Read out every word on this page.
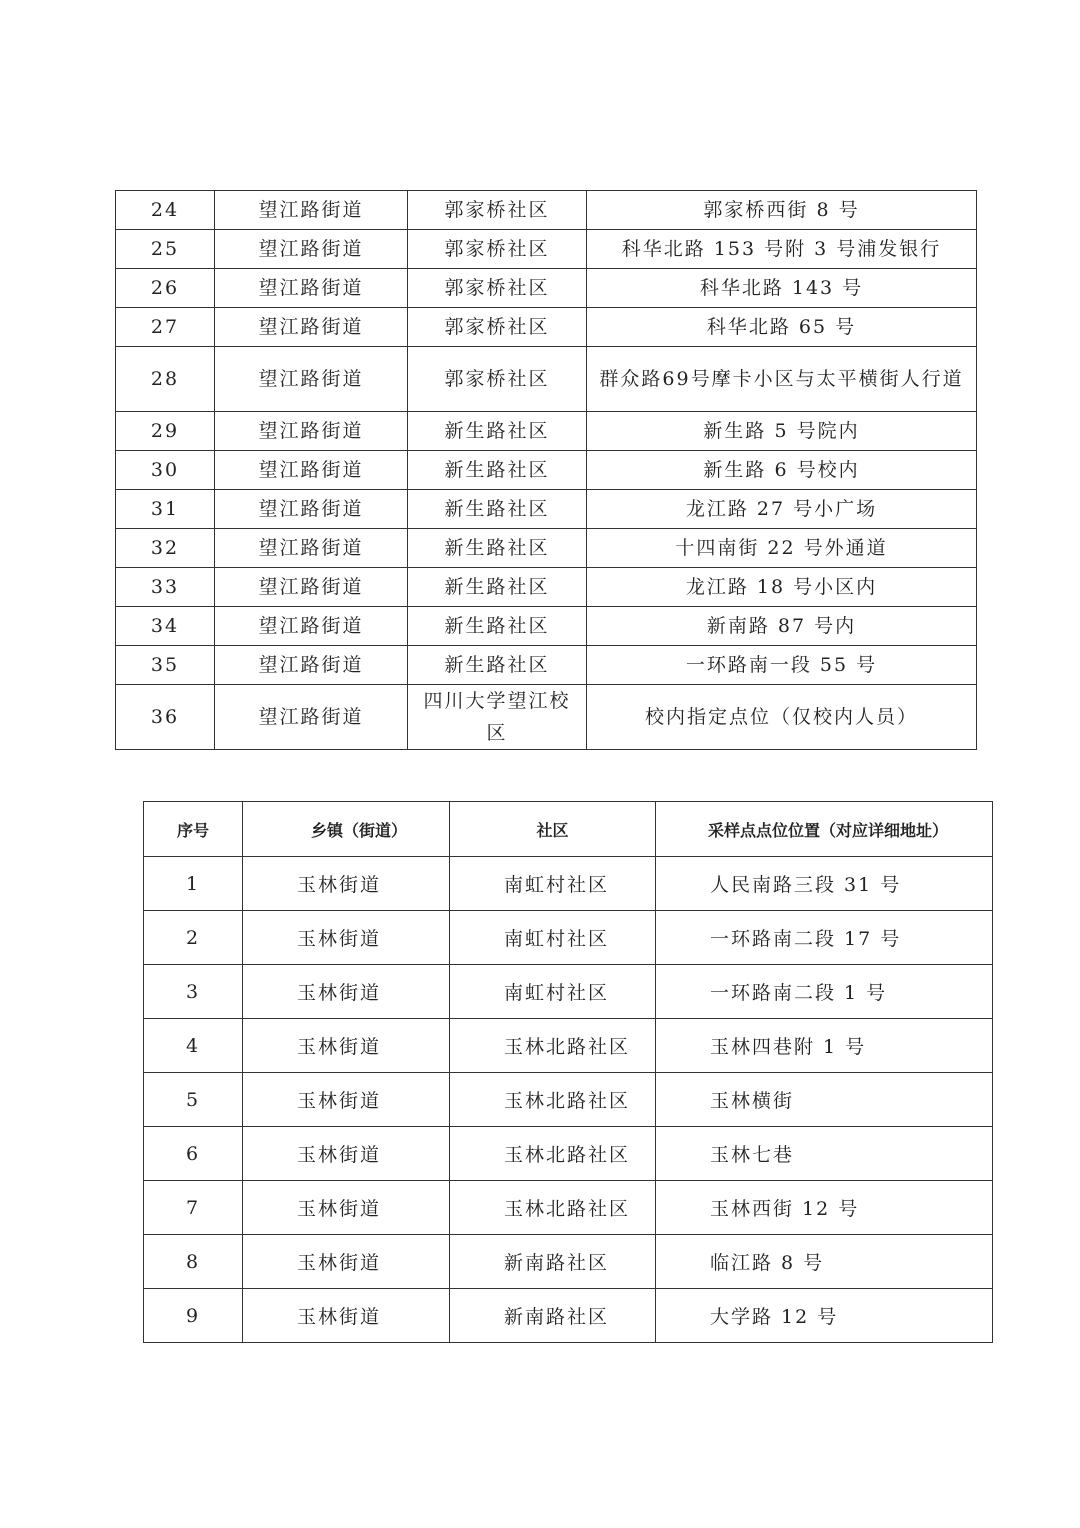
24	望江路街道	郭家桥社区	郭家桥西街 8 号
25	望江路街道	郭家桥社区	科华北路 153 号附 3 号浦发银行
26	望江路街道	郭家桥社区	科华北路 143 号
27	望江路街道	郭家桥社区	科华北路 65 号
28	望江路街道	郭家桥社区	群众路69号摩卡小区与太平横街人行道
29	望江路街道	新生路社区	新生路 5 号院内
30	望江路街道	新生路社区	新生路 6 号校内
31	望江路街道	新生路社区	龙江路 27 号小广场
32	望江路街道	新生路社区	十四南街 22 号外通道
33	望江路街道	新生路社区	龙江路 18 号小区内
34	望江路街道	新生路社区	新南路 87 号内
35	望江路街道	新生路社区	一环路南一段 55 号
36	望江路街道	四川大学望江校区	校内指定点位（仅校内人员）
序号	乡镇（街道）	社区	采样点点位位置（对应详细地址）
1	玉林街道	南虹村社区	人民南路三段 31 号
2	玉林街道	南虹村社区	一环路南二段 17 号
3	玉林街道	南虹村社区	一环路南二段 1 号
4	玉林街道	玉林北路社区	玉林四巷附 1 号
5	玉林街道	玉林北路社区	玉林横街
6	玉林街道	玉林北路社区	玉林七巷
7	玉林街道	玉林北路社区	玉林西街 12 号
8	玉林街道	新南路社区	临江路 8 号
9	玉林街道	新南路社区	大学路 12 号
